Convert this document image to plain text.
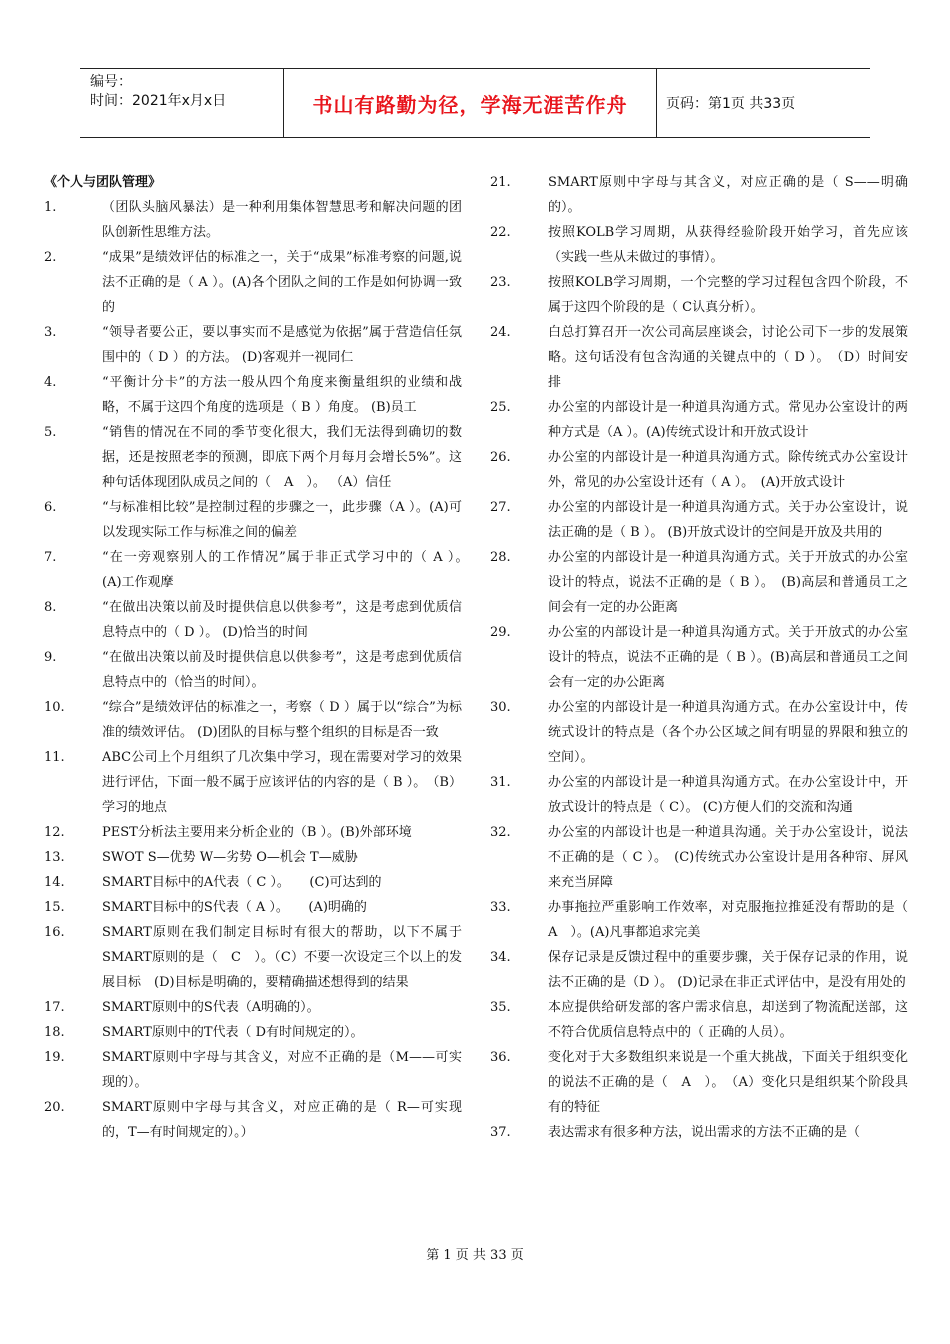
编号：
时间：2021年x月x日	书山有路勤为径，学海无涯苦作舟	页码：第1页 共33页
《个人与团队管理》
1.	（团队头脑风暴法）是一种利用集体智慧思考和解决问题的团队创新性思维方法。
2.	“成果”是绩效评估的标准之一，关于“成果”标准考察的问题,说法不正确的是（ A ）。(A)各个团队之间的工作是如何协调一致的
3.	“领导者要公正，要以事实而不是感觉为依据”属于营造信任氛围中的（ D ）的方法。 (D)客观并一视同仁
4.	“平衡计分卡”的方法一般从四个角度来衡量组织的业绩和战略，不属于这四个角度的选项是（ B ）角度。 (B)员工
5.	“销售的情况在不同的季节变化很大，我们无法得到确切的数据，还是按照老李的预测，即底下两个月每月会增长5%”。这种句话体现团队成员之间的（　A　）。 （A）信任
6.	“与标准相比较”是控制过程的步骤之一，此步骤（A ）。(A)可以发现实际工作与标准之间的偏差
7.	“在一旁观察别人的工作情况”属于非正式学习中的（ A ）。　　(A)工作观摩
8.	“在做出决策以前及时提供信息以供参考”，这是考虑到优质信息特点中的（ D ）。 (D)恰当的时间
9.	“在做出决策以前及时提供信息以供参考”，这是考虑到优质信息特点中的（恰当的时间）。
10.	“综合”是绩效评估的标准之一，考察（ D ）属于以“综合”为标准的绩效评估。 (D)团队的目标与整个组织的目标是否一致
11.	ABC公司上个月组织了几次集中学习，现在需要对学习的效果进行评估，下面一般不属于应该评估的内容的是（ B ）。　（B）学习的地点
12.	PEST分析法主要用来分析企业的（B ）。(B)外部环境
13.	SWOT S—优势 W—劣势 O—机会 T—威胁
14.	SMART目标中的A代表（ C ）。　　(C)可达到的
15.	SMART目标中的S代表（ A ）。　　(A)明确的
16.	SMART原则在我们制定目标时有很大的帮助，以下不属于SMART原则的是（　C　）。（C）不要一次设定三个以上的发展目标　(D)目标是明确的，要精确描述想得到的结果
17.	SMART原则中的S代表（A明确的）。
18.	SMART原则中的T代表（ D有时间规定的）。
19.	SMART原则中字母与其含义，对应不正确的是（M——可实现的）。
20.	SMART原则中字母与其含义，对应正确的是（ R—可实现的，T—有时间规定的）。）
21.	SMART原则中字母与其含义，对应正确的是（ S——明确的）。
22.	按照KOLB学习周期，从获得经验阶段开始学习，首先应该（实践一些从未做过的事情）。
23.	按照KOLB学习周期，一个完整的学习过程包含四个阶段，不属于这四个阶段的是（ C认真分析）。
24.	白总打算召开一次公司高层座谈会，讨论公司下一步的发展策略。这句话没有包含沟通的关键点中的（ D ）。　（D）时间安排
25.	办公室的内部设计是一种道具沟通方式。常见办公室设计的两种方式是（A ）。(A)传统式设计和开放式设计
26.	办公室的内部设计是一种道具沟通方式。除传统式办公室设计外，常见的办公室设计还有（ A ）。　(A)开放式设计
27.	办公室的内部设计是一种道具沟通方式。关于办公室设计，说法正确的是（ B ）。 (B)开放式设计的空间是开放及共用的
28.	办公室的内部设计是一种道具沟通方式。关于开放式的办公室设计的特点，说法不正确的是（ B ）。　(B)高层和普通员工之间会有一定的办公距离
29.	办公室的内部设计是一种道具沟通方式。关于开放式的办公室设计的特点，说法不正确的是（ B ）。(B)高层和普通员工之间会有一定的办公距离
30.	办公室的内部设计是一种道具沟通方式。在办公室设计中，传统式设计的特点是（各个办公区域之间有明显的界限和独立的空间）。
31.	办公室的内部设计是一种道具沟通方式。在办公室设计中，开放式设计的特点是（ C）。 (C)方便人们的交流和沟通
32.	办公室的内部设计也是一种道具沟通。关于办公室设计，说法不正确的是（ C ）。　(C)传统式办公室设计是用各种帘、屏风来充当屏障
33.	办事拖拉严重影响工作效率，对克服拖拉推延没有帮助的是（　A　）。(A)凡事都追求完美
34.	保存记录是反馈过程中的重要步骤，关于保存记录的作用，说法不正确的是（D ）。 (D)记录在非正式评估中，是没有用处的
35.	本应提供给研发部的客户需求信息，却送到了物流配送部，这不符合优质信息特点中的（ 正确的人员）。
36.	变化对于大多数组织来说是一个重大挑战，下面关于组织变化的说法不正确的是（　A　）。　（A）变化只是组织某个阶段具有的特征
37.	表达需求有很多种方法，说出需求的方法不正确的是（
第 1 页 共 33 页
